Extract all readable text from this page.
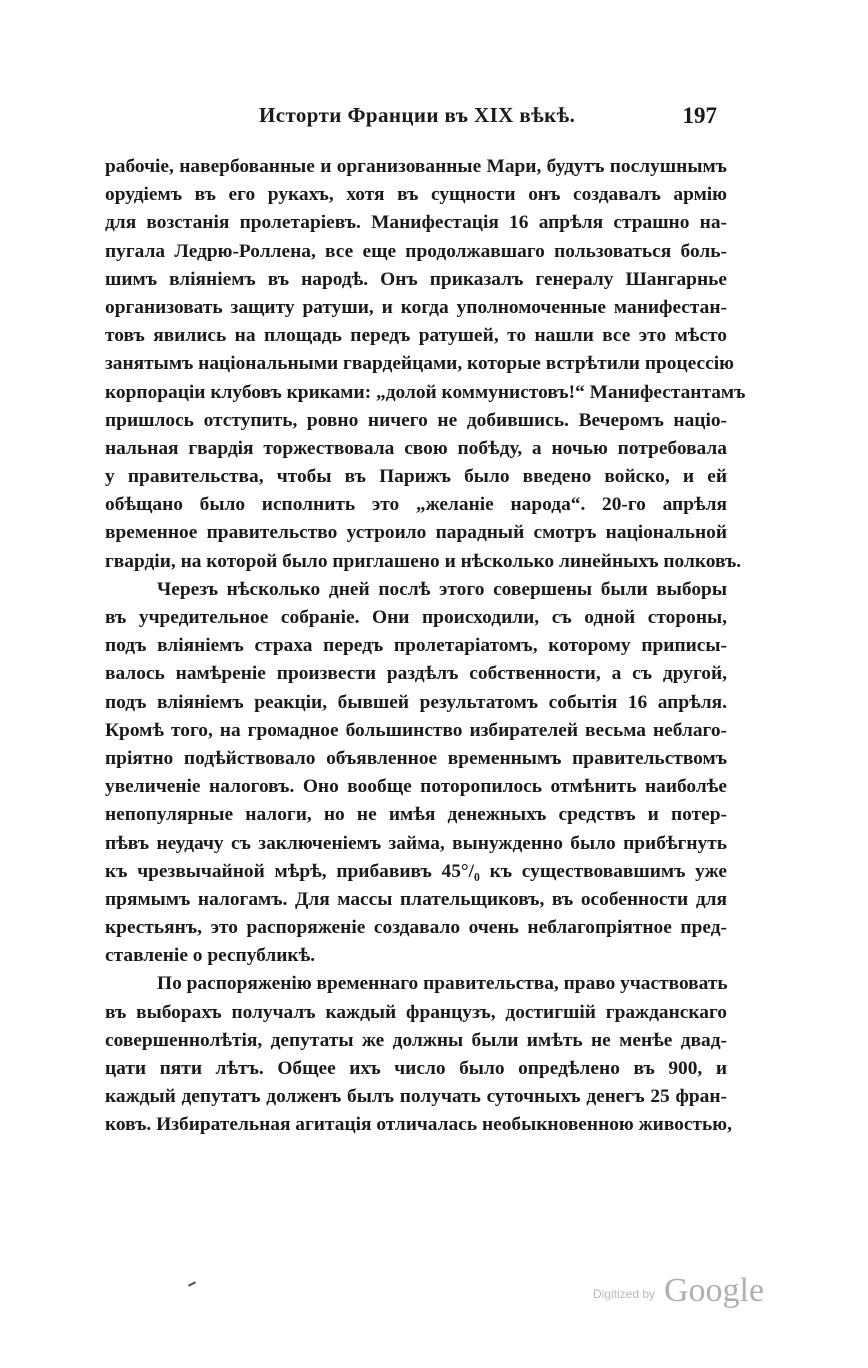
Исторти Франции въ XIX вѣкѣ.	197
рабочіе, навербованные и организованные Мари, будутъ послушнымъ
орудіемъ въ его рукахъ, хотя въ сущности онъ создавалъ армію
для возстанія пролетаріевъ. Манифестація 16 апрѣля страшно на-
пугала Ледрю-Роллена, все еще продолжавшаго пользоваться боль-
шимъ вліяніемъ въ народѣ. Онъ приказалъ генералу Шангарнье
организовать защиту ратуши, и когда уполномоченные манифестан-
товъ явились на площадь передъ ратушей, то нашли все это мѣсто
занятымъ національными гвардейцами, которые встрѣтили процессію
корпораціи клубовъ криками: „долой коммунистовъ!“ Манифестантамъ
пришлось отступить, ровно ничего не добившись. Вечеромъ націо-
нальная гвардія торжествовала свою побѣду, а ночью потребовала
у правительства, чтобы въ Парижъ было введено войско, и ей
обѣщано было исполнить это „желаніе народа“. 20-го апрѣля
временное правительство устроило парадный смотръ національной
гвардіи, на которой было приглашено и нѣсколько линейныхъ полковъ.
Черезъ нѣсколько дней послѣ этого совершены были выборы
въ учредительное собраніе. Они происходили, съ одной стороны,
подъ вліяніемъ страха передъ пролетаріатомъ, которому приписы-
валось намѣреніе произвести раздѣлъ собственности, а съ другой,
подъ вліяніемъ реакціи, бывшей результатомъ событія 16 апрѣля.
Кромѣ того, на громадное большинство избирателей весьма неблаго-
пріятно подѣйствовало объявленное временнымъ правительствомъ
увеличеніе налоговъ. Оно вообще поторопилось отмѣнить наиболѣе
непопулярные налоги, но не имѣя денежныхъ средствъ и потер-
пѣвъ неудачу съ заключеніемъ займа, вынужденно было прибѣгнуть
къ чрезвычайной мѣрѣ, прибавивъ 45°/₀ къ существовавшимъ уже
прямымъ налогамъ. Для массы плательщиковъ, въ особенности для
крестьянъ, это распоряженіе создавало очень неблагопріятное пред-
ставленіе о республикѣ.
По распоряженію временнаго правительства, право участвовать
въ выборахъ получалъ каждый французъ, достигшій гражданскаго
совершеннолѣтія, депутаты же должны были имѣть не менѣе двад-
цати пяти лѣтъ. Общее ихъ число было опредѣлено въ 900, и
каждый депутатъ долженъ былъ получать суточныхъ денегъ 25 фран-
ковъ. Избирательная агитація отличалась необыкновенною живостью,
Digitized by Google
